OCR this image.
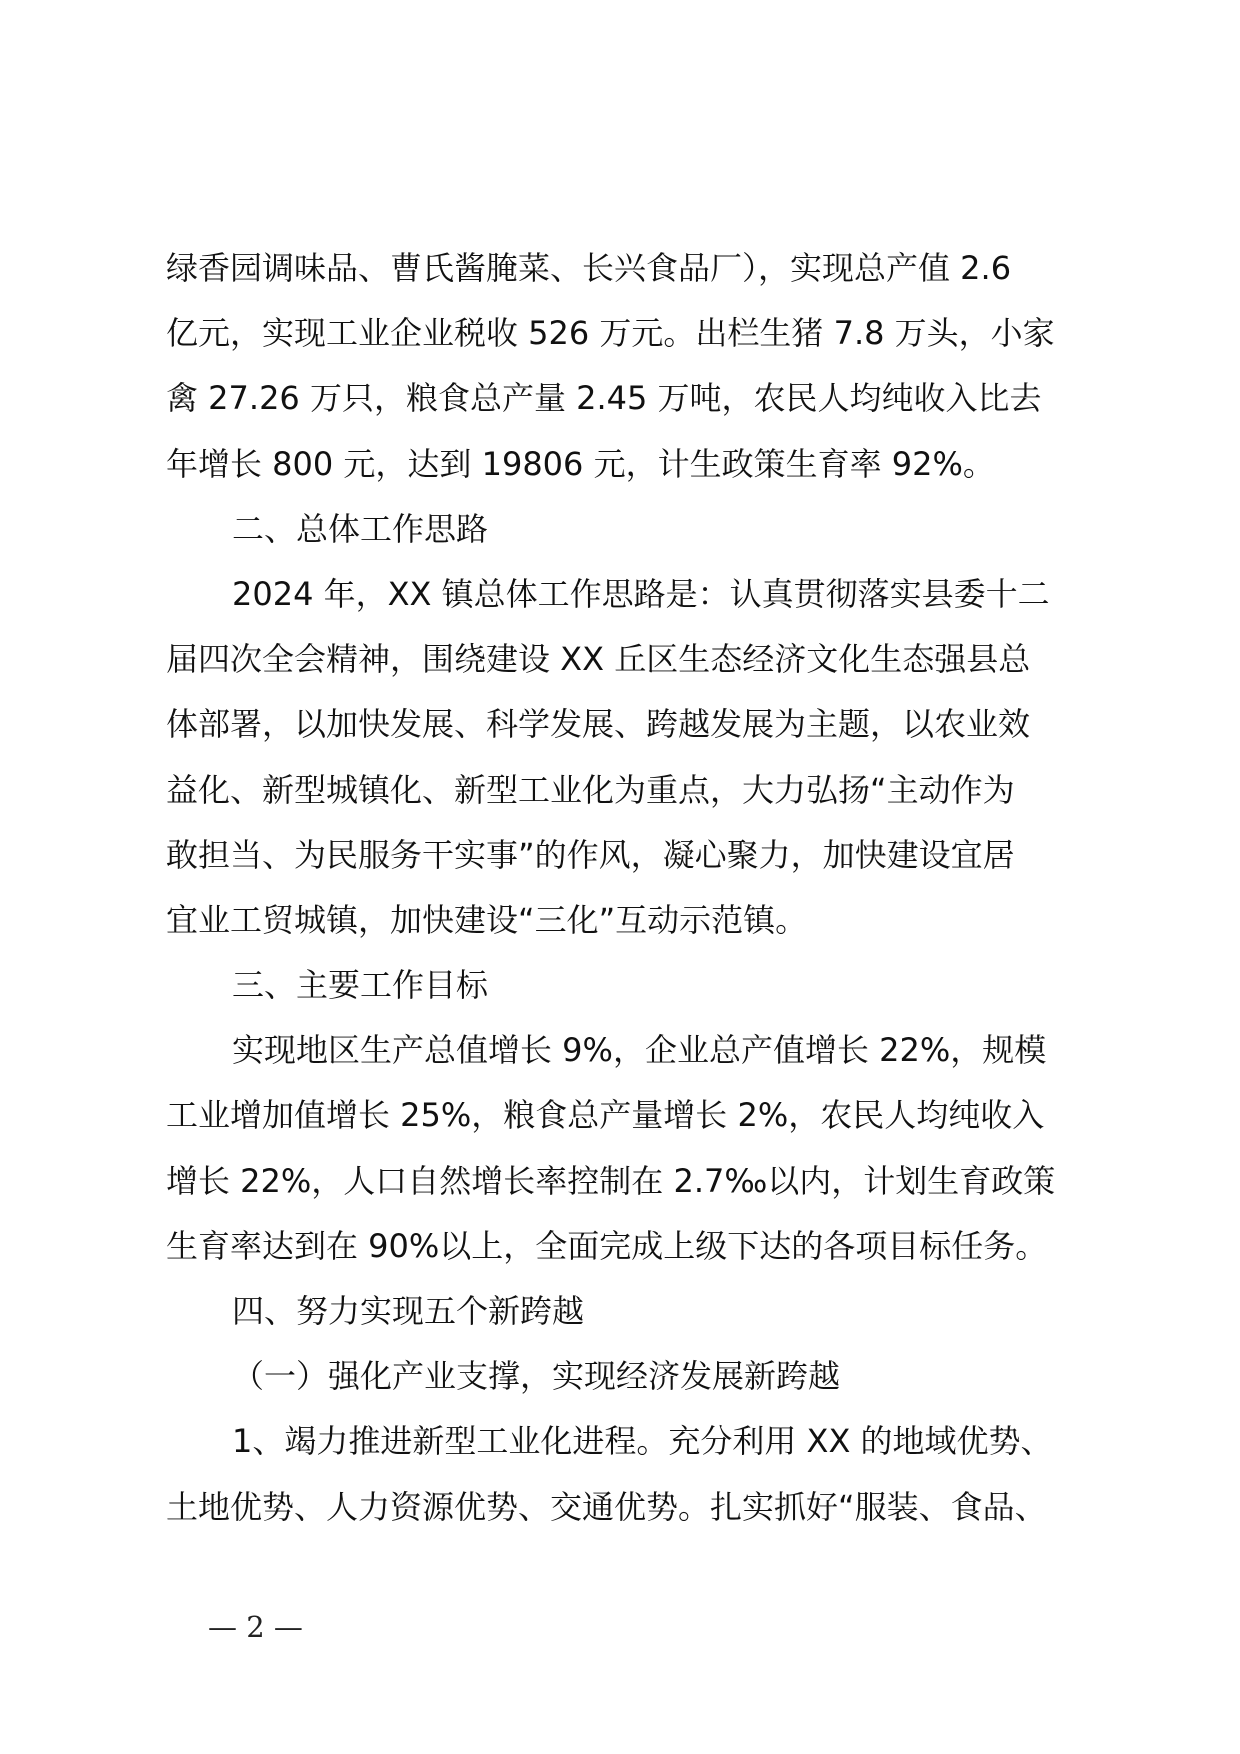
绿香园调味品、曹氏酱腌菜、长兴食品厂），实现总产值 2.6
亿元，实现工业企业税收 526 万元。出栏生猪 7.8 万头，小家
禽 27.26 万只，粮食总产量 2.45 万吨，农民人均纯收入比去
年增长 800 元，达到 19806 元，计生政策生育率 92%。
二、总体工作思路
2024 年，XX 镇总体工作思路是：认真贯彻落实县委十二
届四次全会精神，围绕建设 XX 丘区生态经济文化生态强县总
体部署，以加快发展、科学发展、跨越发展为主题，以农业效
益化、新型城镇化、新型工业化为重点，大力弘扬“主动作为
敢担当、为民服务干实事”的作风，凝心聚力，加快建设宜居
宜业工贸城镇，加快建设“三化”互动示范镇。
三、主要工作目标
实现地区生产总值增长 9%，企业总产值增长 22%，规模
工业增加值增长 25%，粮食总产量增长 2%，农民人均纯收入
增长 22%，人口自然增长率控制在 2.7‰以内，计划生育政策
生育率达到在 90%以上，全面完成上级下达的各项目标任务。
四、努力实现五个新跨越
（一）强化产业支撑，实现经济发展新跨越
1、竭力推进新型工业化进程。充分利用 XX 的地域优势、
土地优势、人力资源优势、交通优势。扎实抓好“服装、食品、
— 2 —
